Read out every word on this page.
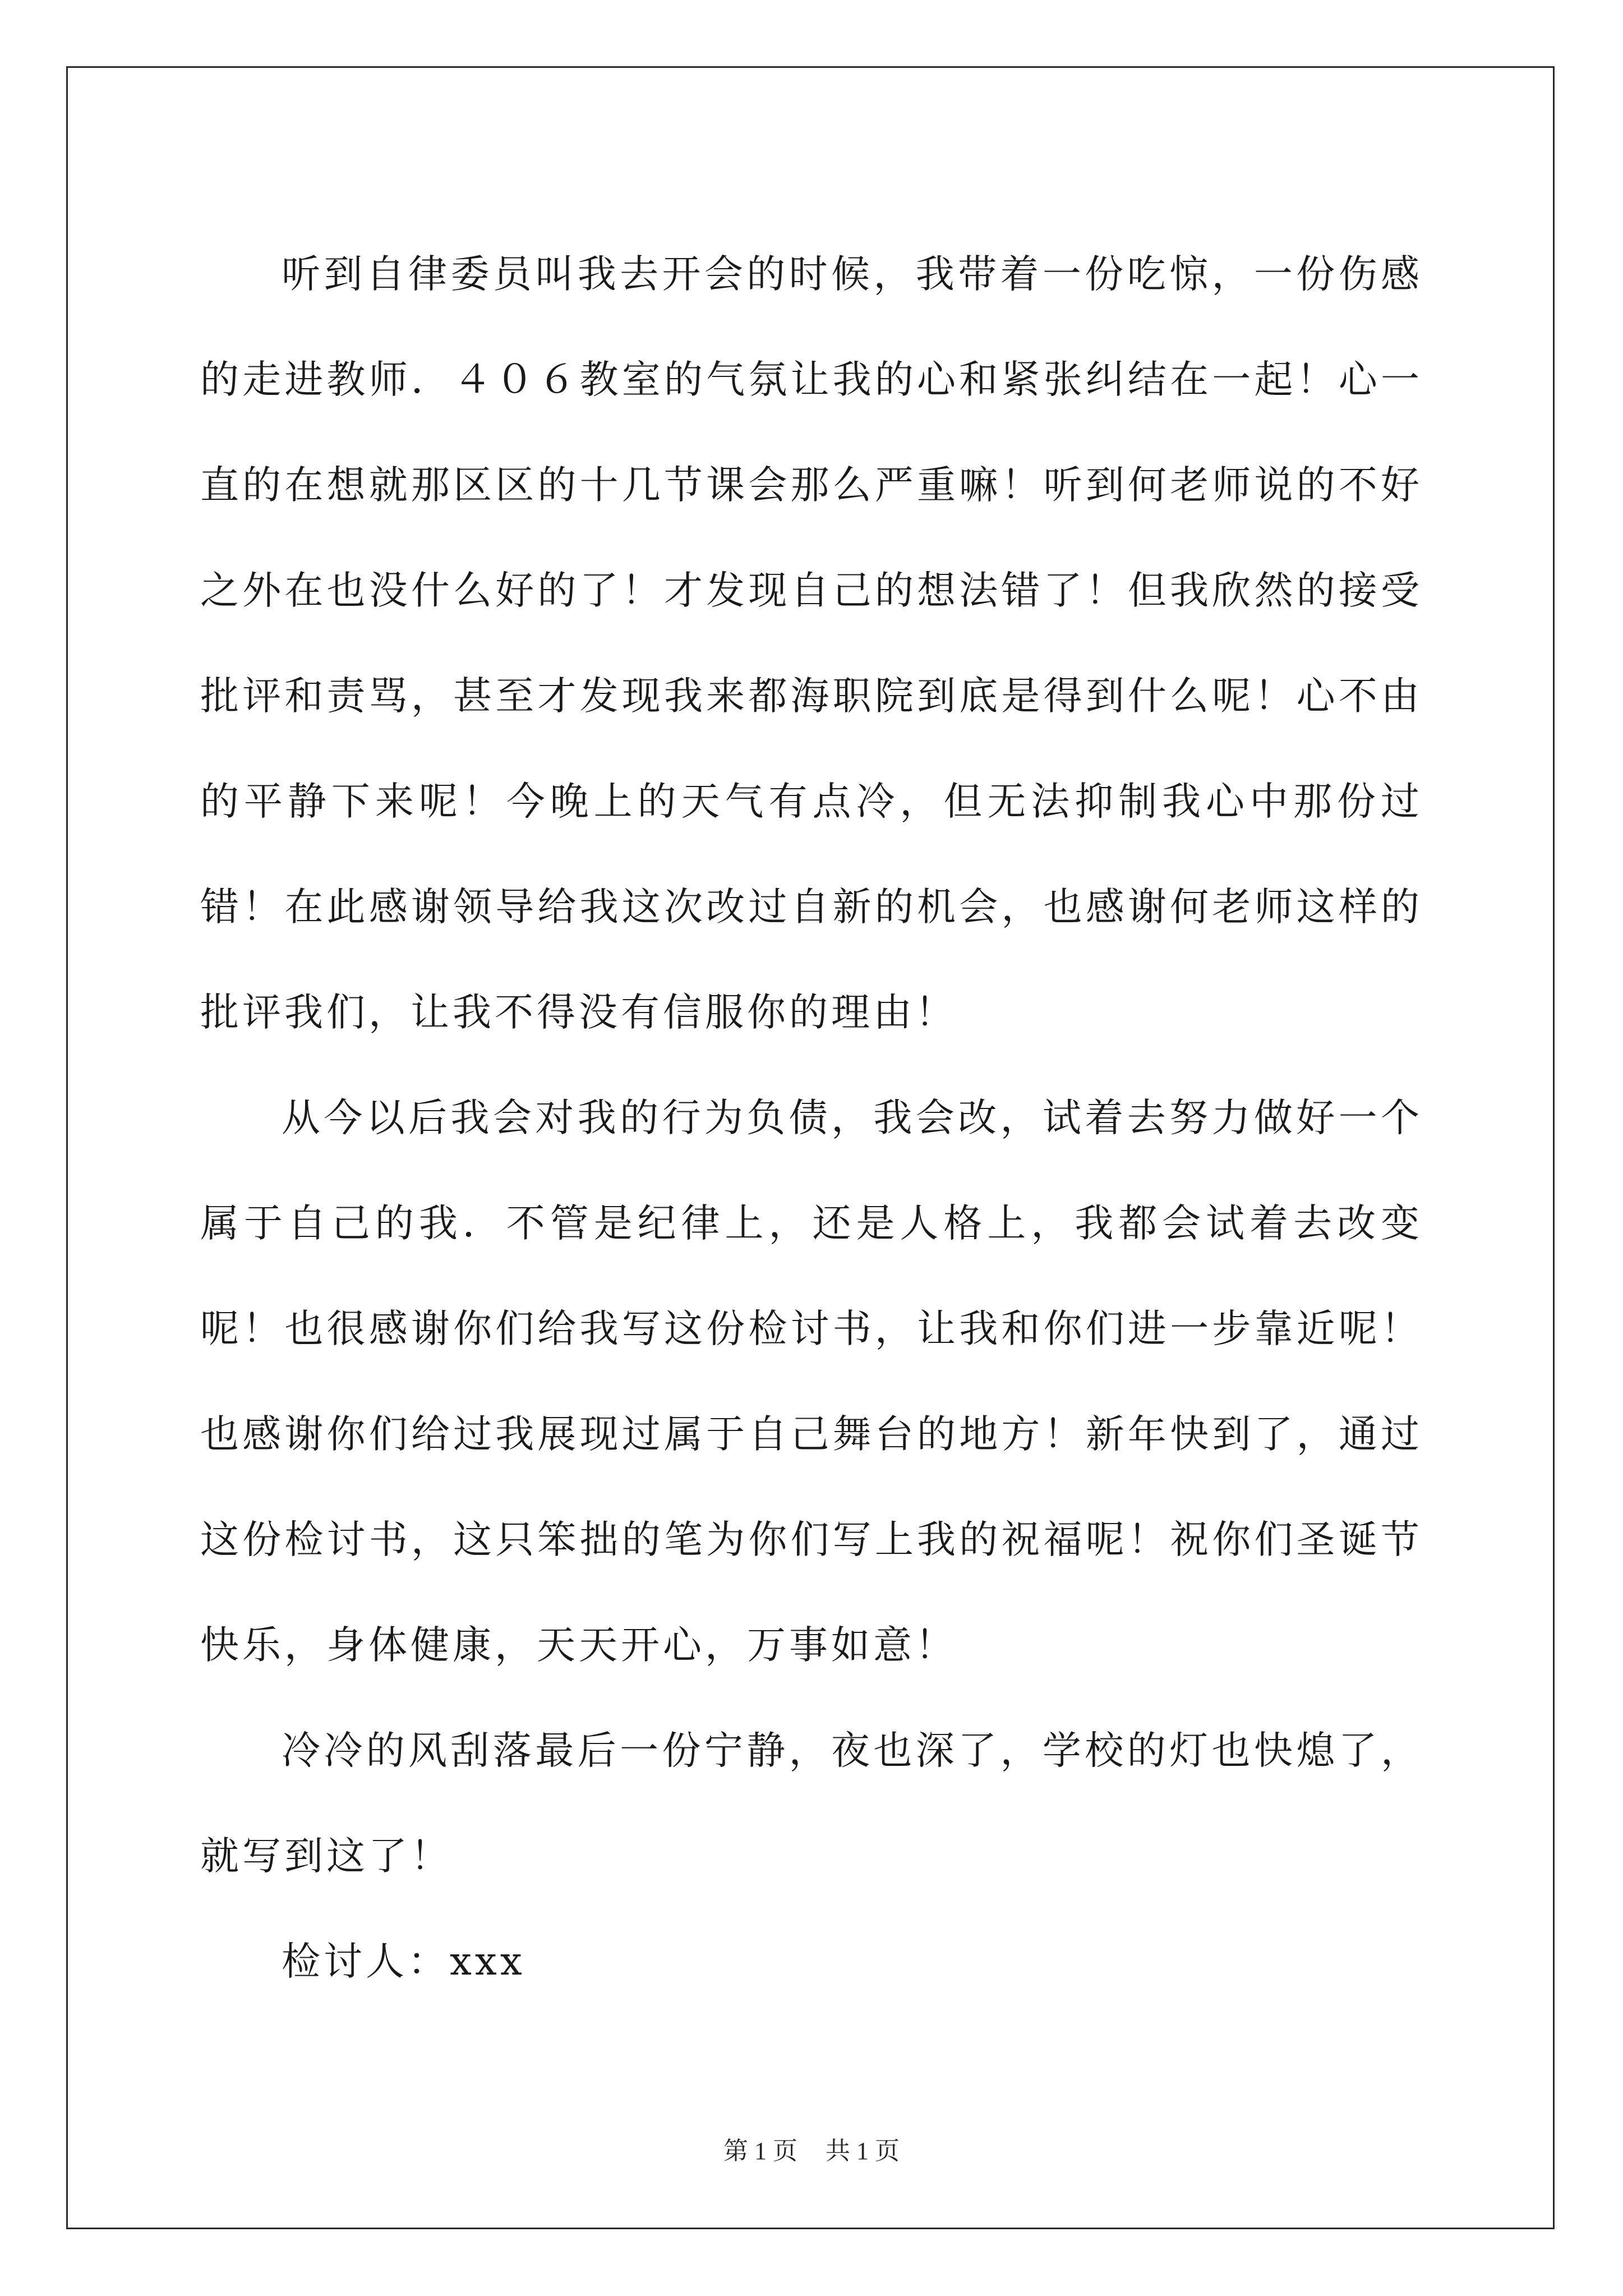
听到自律委员叫我去开会的时候，我带着一份吃惊，一份伤感的走进教师．４０６教室的气氛让我的心和紧张纠结在一起！心一直的在想就那区区的十几节课会那么严重嘛！听到何老师说的不好之外在也没什么好的了！才发现自己的想法错了！但我欣然的接受批评和责骂，甚至才发现我来都海职院到底是得到什么呢！心不由的平静下来呢！今晚上的天气有点冷，但无法抑制我心中那份过错！在此感谢领导给我这次改过自新的机会，也感谢何老师这样的批评我们，让我不得没有信服你的理由！

从今以后我会对我的行为负债，我会改，试着去努力做好一个属于自己的我．不管是纪律上，还是人格上，我都会试着去改变呢！也很感谢你们给我写这份检讨书，让我和你们进一步靠近呢！也感谢你们给过我展现过属于自己舞台的地方！新年快到了，通过这份检讨书，这只笨拙的笔为你们写上我的祝福呢！祝你们圣诞节快乐，身体健康，天天开心，万事如意！

冷冷的风刮落最后一份宁静，夜也深了，学校的灯也快熄了，就写到这了！

检讨人：xxx

第 1 页 共 1 页
